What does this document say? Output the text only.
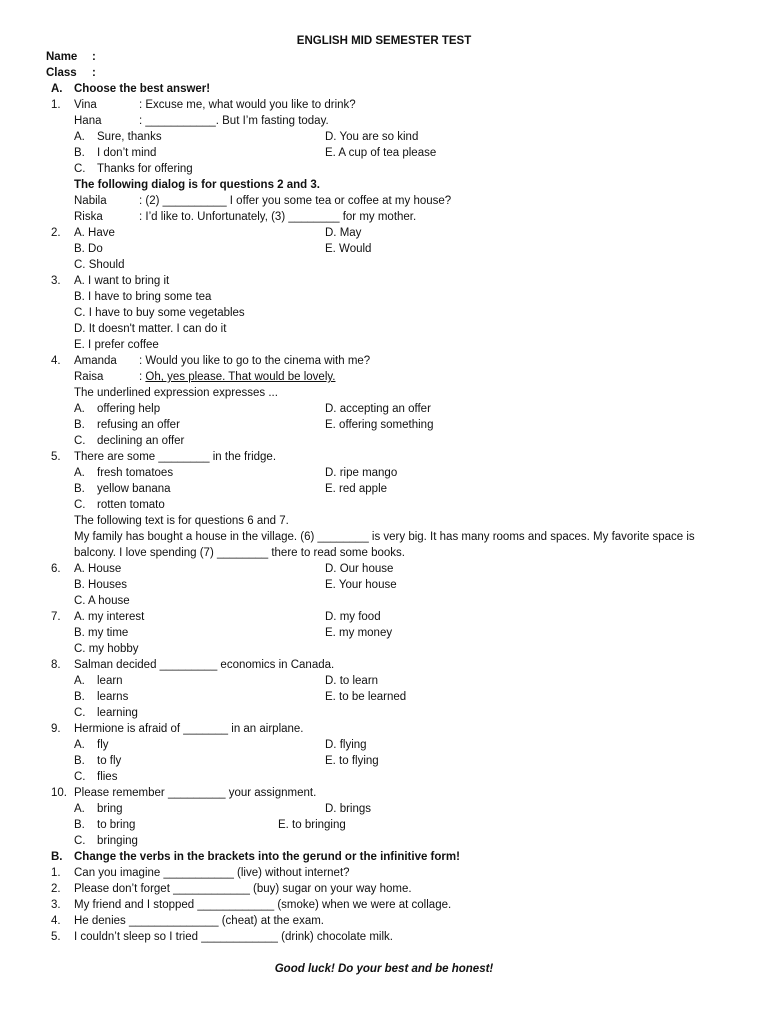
ENGLISH MID SEMESTER TEST
Name :
Class :
A. Choose the best answer!
1. Vina	: Excuse me, what would you like to drink?
Hana	: ___________. But I’m fasting today.
A. Sure, thanks	D. You are so kind
B. I don’t mind	E. A cup of tea please
C. Thanks for offering
The following dialog is for questions 2 and 3.
Nabila	: (2) __________ I offer you some tea or coffee at my house?
Riska	: I’d like to. Unfortunately, (3) ________ for my mother.
2. A. Have	D. May
B. Do	E. Would
C. Should
3. A. I want to bring it
B. I have to bring some tea
C. I have to buy some vegetables
D. It doesn't matter. I can do it
E. I prefer coffee
4. Amanda : Would you like to go to the cinema with me?
Raisa	: Oh, yes please. That would be lovely.
The underlined expression expresses ...
A. offering help	D. accepting an offer
B. refusing an offer	E. offering something
C. declining an offer
5. There are some ________ in the fridge.
A. fresh tomatoes	D. ripe mango
B. yellow banana	E. red apple
C. rotten tomato
The following text is for questions 6 and 7.
My family has bought a house in the village. (6) ________ is very big. It has many rooms and spaces. My favorite space is
balcony. I love spending (7) ________ there to read some books.
6. A. House	D. Our house
B. Houses	E. Your house
C. A house
7. A. my interest	D. my food
B. my time	E. my money
C. my hobby
8. Salman decided _________ economics in Canada.
A. learn	D. to learn
B. learns	E. to be learned
C. learning
9. Hermione is afraid of _______ in an airplane.
A. fly	D. flying
B. to fly	E. to flying
C. flies
10. Please remember _________ your assignment.
A. bring	D. brings
B. to bring	E. to bringing
C. bringing
B. Change the verbs in the brackets into the gerund or the infinitive form!
1. Can you imagine ___________ (live) without internet?
2. Please don’t forget ____________ (buy) sugar on your way home.
3. My friend and I stopped ____________ (smoke) when we were at collage.
4. He denies ______________ (cheat) at the exam.
5. I couldn’t sleep so I tried ____________ (drink) chocolate milk.
Good luck! Do your best and be honest!
